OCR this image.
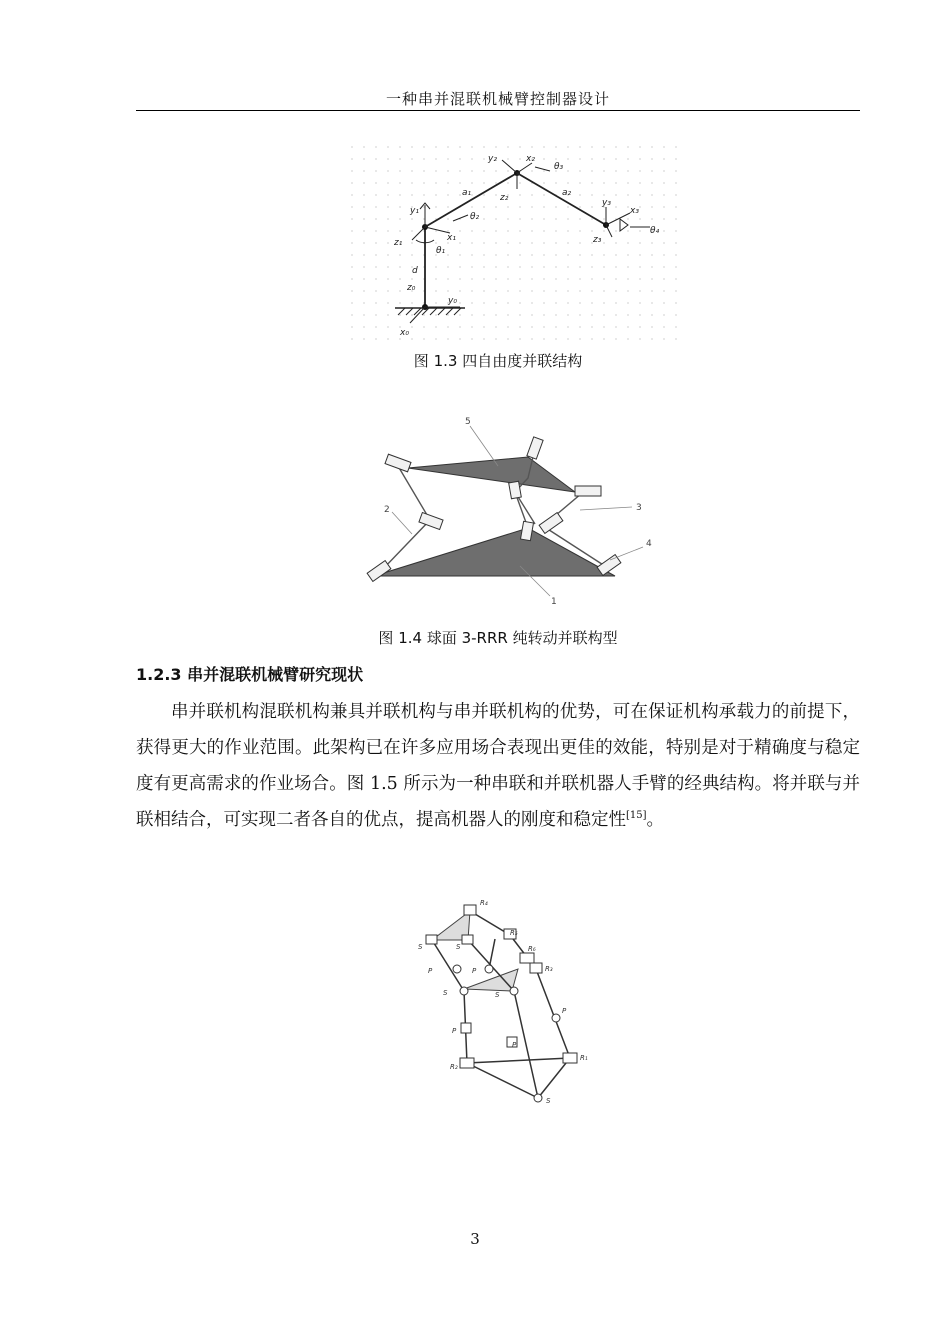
一种串并混联机械臂控制器设计
y₀
x₀
z₀
d
y₁
z₁	x₁
θ₁
θ₂
a₁	z₂
y₂	x₂
θ₃
a₂
y₃
z₃
x₃
θ₄
图 1.3 四自由度并联结构
5
2	3
4
1
图 1.4 球面 3-RRR 纯转动并联构型
1.2.3 串并混联机械臂研究现状

串并联机构混联机构兼具并联机构与串并联机构的优势，可在保证机构承载力的前提下，获得更大的作业范围。此架构已在许多应用场合表现出更佳的效能，特别是对于精确度与稳定度有更高需求的作业场合。图 1.5 所示为一种串联和并联机器人手臂的经典结构。将并联与并联相结合，可实现二者各自的优点，提高机器人的刚度和稳定性[15]。

R₄
R₅
R₆
R₃
R₁
R₂
S	S
S	S
S
P	P
P
P
P
3
